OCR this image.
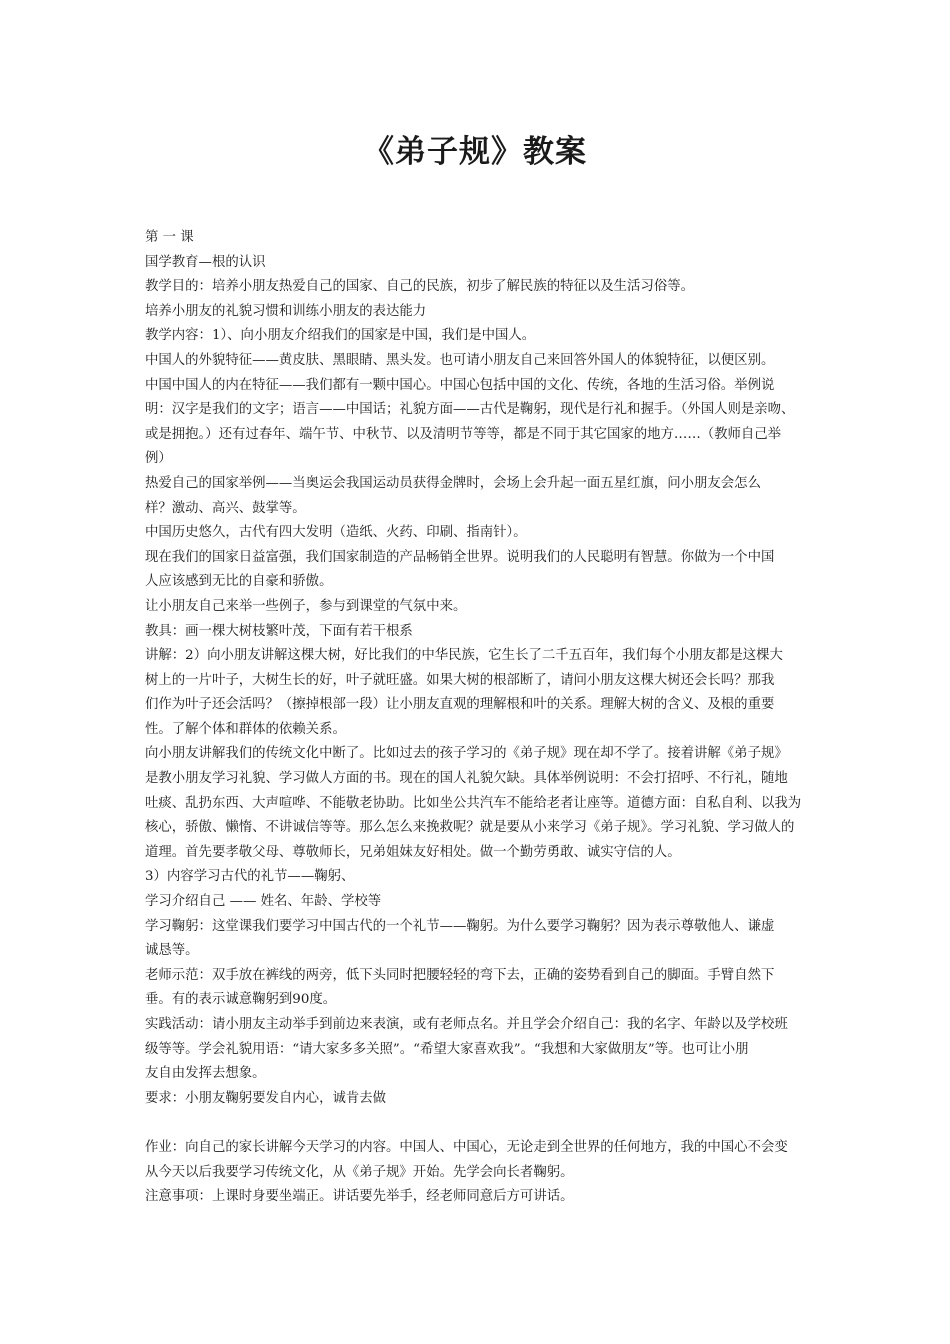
《弟子规》教案

第 一 课

国学教育—根的认识

教学目的：培养小朋友热爱自己的国家、自己的民族，初步了解民族的特征以及生活习俗等。

培养小朋友的礼貌习惯和训练小朋友的表达能力

教学内容：1）、向小朋友介绍我们的国家是中国，我们是中国人。

中国人的外貌特征——黄皮肤、黑眼睛、黑头发。也可请小朋友自己来回答外国人的体貌特征，以便区别。

中国中国人的内在特征——我们都有一颗中国心。中国心包括中国的文化、传统，各地的生活习俗。举例说

明：汉字是我们的文字；语言——中国话；礼貌方面——古代是鞠躬，现代是行礼和握手。（外国人则是亲吻、

或是拥抱。）还有过春年、端午节、中秋节、以及清明节等等，都是不同于其它国家的地方……（教师自己举

例）

热爱自己的国家举例——当奥运会我国运动员获得金牌时，会场上会升起一面五星红旗，问小朋友会怎么

样？激动、高兴、鼓掌等。

中国历史悠久，古代有四大发明（造纸、火药、印刷、指南针）。

现在我们的国家日益富强，我们国家制造的产品畅销全世界。说明我们的人民聪明有智慧。你做为一个中国

人应该感到无比的自豪和骄傲。

让小朋友自己来举一些例子，参与到课堂的气氛中来。

教具：画一棵大树枝繁叶茂，下面有若干根系

讲解：2）向小朋友讲解这棵大树，好比我们的中华民族，它生长了二千五百年，我们每个小朋友都是这棵大

树上的一片叶子，大树生长的好，叶子就旺盛。如果大树的根部断了，请问小朋友这棵大树还会长吗？那我

们作为叶子还会活吗？（擦掉根部一段）让小朋友直观的理解根和叶的关系。理解大树的含义、及根的重要

性。了解个体和群体的依赖关系。

向小朋友讲解我们的传统文化中断了。比如过去的孩子学习的《弟子规》现在却不学了。接着讲解《弟子规》

是教小朋友学习礼貌、学习做人方面的书。现在的国人礼貌欠缺。具体举例说明：不会打招呼、不行礼，随地

吐痰、乱扔东西、大声喧哗、不能敬老协助。比如坐公共汽车不能给老者让座等。道德方面：自私自利、以我为

核心，骄傲、懒惰、不讲诚信等等。那么怎么来挽救呢？就是要从小来学习《弟子规》。学习礼貌、学习做人的

道理。首先要孝敬父母、尊敬师长，兄弟姐妹友好相处。做一个勤劳勇敢、诚实守信的人。

3）内容学习古代的礼节——鞠躬、

学习介绍自己 —— 姓名、年龄、学校等

学习鞠躬：这堂课我们要学习中国古代的一个礼节——鞠躬。为什么要学习鞠躬？因为表示尊敬他人、谦虚

诚恳等。

老师示范：双手放在裤线的两旁，低下头同时把腰轻轻的弯下去，正确的姿势看到自己的脚面。手臂自然下

垂。有的表示诚意鞠躬到90度。

实践活动：请小朋友主动举手到前边来表演，或有老师点名。并且学会介绍自己：我的名字、年龄以及学校班

级等等。学会礼貌用语：“请大家多多关照”。“希望大家喜欢我”。“我想和大家做朋友”等。也可让小朋

友自由发挥去想象。

要求：小朋友鞠躬要发自内心，诚肯去做

作业：向自己的家长讲解今天学习的内容。中国人、中国心，无论走到全世界的任何地方，我的中国心不会变

从今天以后我要学习传统文化，从《弟子规》开始。先学会向长者鞠躬。

注意事项：上课时身要坐端正。讲话要先举手，经老师同意后方可讲话。
